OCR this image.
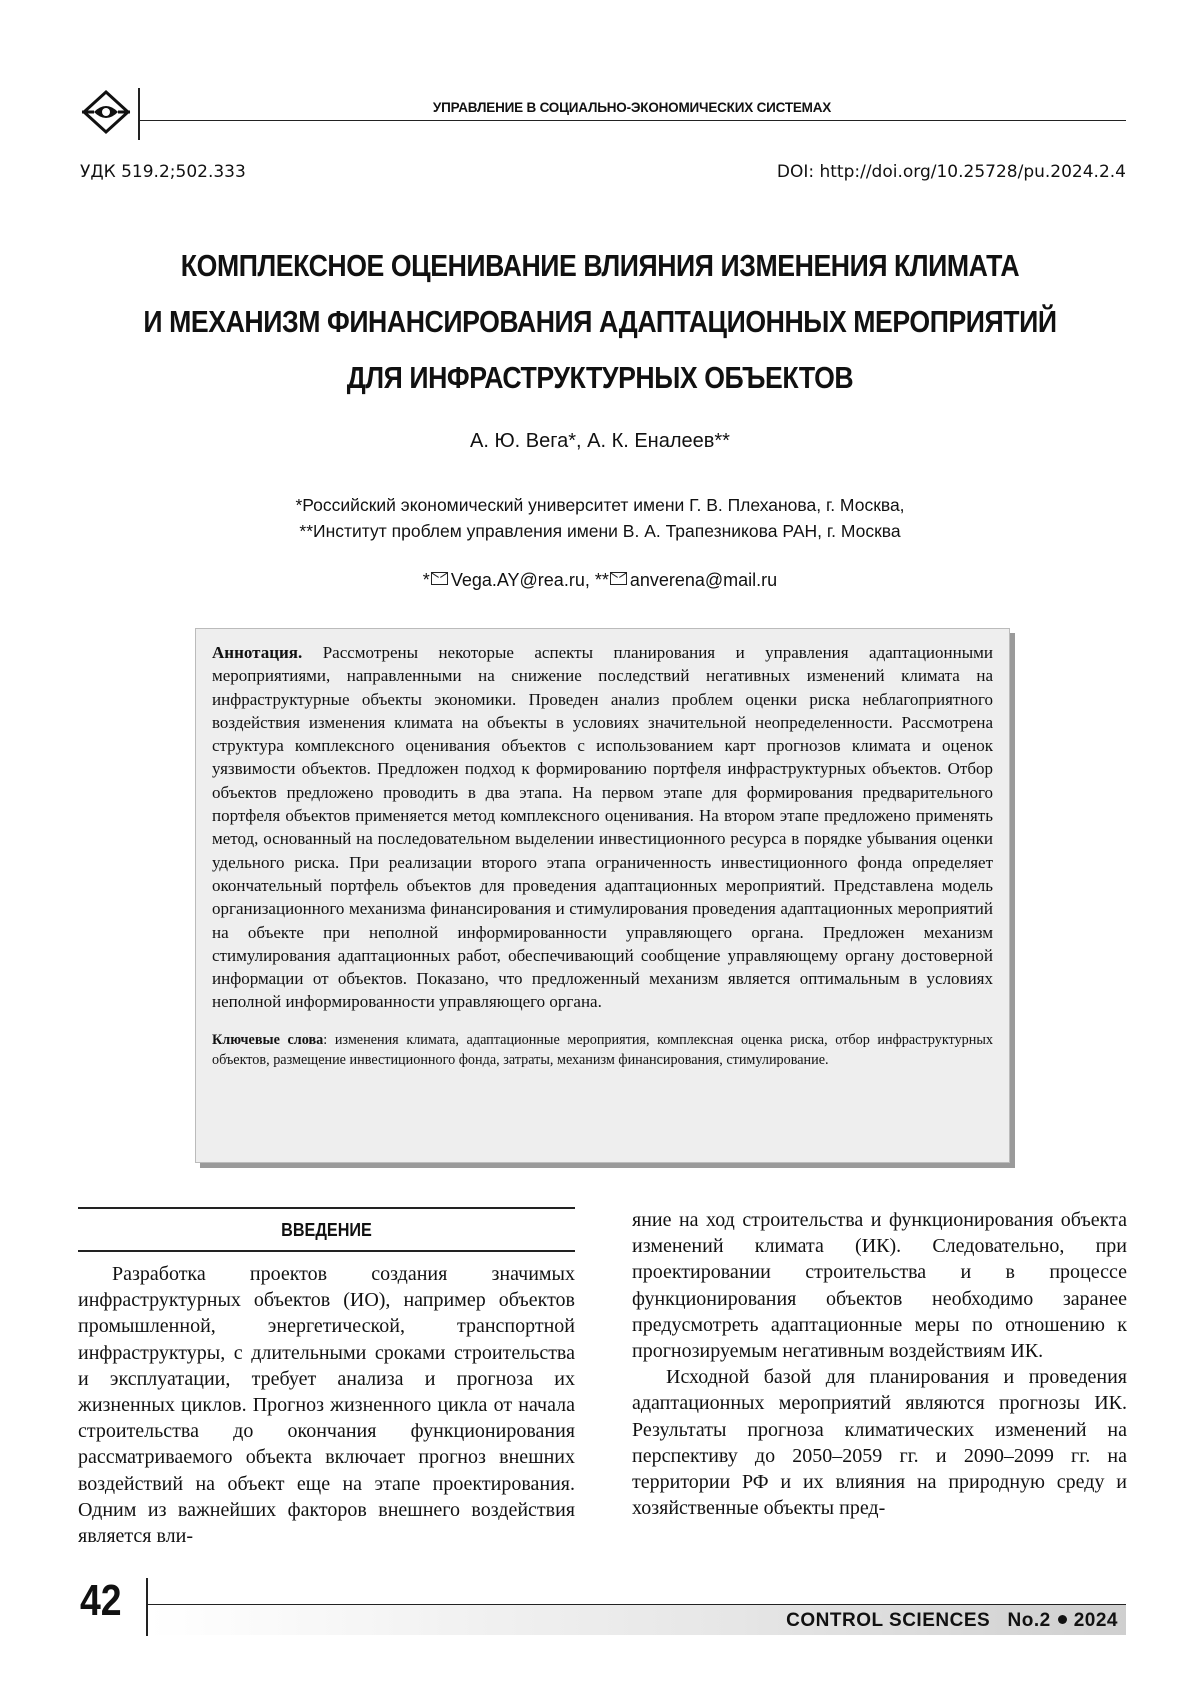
УПРАВЛЕНИЕ В СОЦИАЛЬНО-ЭКОНОМИЧЕСКИХ СИСТЕМАХ
УДК 519.2;502.333	DOI: http://doi.org/10.25728/pu.2024.2.4
КОМПЛЕКСНОЕ ОЦЕНИВАНИЕ ВЛИЯНИЯ ИЗМЕНЕНИЯ КЛИМАТА
И МЕХАНИЗМ ФИНАНСИРОВАНИЯ АДАПТАЦИОННЫХ МЕРОПРИЯТИЙ
ДЛЯ ИНФРАСТРУКТУРНЫХ ОБЪЕКТОВ
А. Ю. Вега*, А. К. Еналеев**
*Российский экономический университет имени Г. В. Плеханова, г. Москва,
**Институт проблем управления имени В. А. Трапезникова РАН, г. Москва
* Vega.AY@rea.ru, ** anverena@mail.ru

Аннотация. Рассмотрены некоторые аспекты планирования и управления адаптационными мероприятиями, направленными на снижение последствий негативных изменений климата на инфраструктурные объекты экономики. Проведен анализ проблем оценки риска неблагоприятного воздействия изменения климата на объекты в условиях значительной неопределенности. Рассмотрена структура комплексного оценивания объектов с использованием карт прогнозов климата и оценок уязвимости объектов. Предложен подход к формированию портфеля инфраструктурных объектов. Отбор объектов предложено проводить в два этапа. На первом этапе для формирования предварительного портфеля объектов применяется метод комплексного оценивания. На втором этапе предложено применять метод, основанный на последовательном выделении инвестиционного ресурса в порядке убывания оценки удельного риска. При реализации второго этапа ограниченность инвестиционного фонда определяет окончательный портфель объектов для проведения адаптационных мероприятий. Представлена модель организационного механизма финансирования и стимулирования проведения адаптационных мероприятий на объекте при неполной информированности управляющего органа. Предложен механизм стимулирования адаптационных работ, обеспечивающий сообщение управляющему органу достоверной информации от объектов. Показано, что предложенный механизм является оптимальным в условиях неполной информированности управляющего органа.

Ключевые слова: изменения климата, адаптационные мероприятия, комплексная оценка риска, отбор инфраструктурных объектов, размещение инвестиционного фонда, затраты, механизм финансирования, стимулирование.

ВВЕДЕНИЕ

Разработка проектов создания значимых инфраструктурных объектов (ИО), например объектов промышленной, энергетической, транспортной инфраструктуры, с длительными сроками строительства и эксплуатации, требует анализа и прогноза их жизненных циклов. Прогноз жизненного цикла от начала строительства до окончания функционирования рассматриваемого объекта включает прогноз внешних воздействий на объект еще на этапе проектирования. Одним из важнейших факторов внешнего воздействия является вли-

яние на ход строительства и функционирования объекта изменений климата (ИК). Следовательно, при проектировании строительства и в процессе функционирования объектов необходимо заранее предусмотреть адаптационные меры по отношению к прогнозируемым негативным воздействиям ИК.

Исходной базой для планирования и проведения адаптационных мероприятий являются прогнозы ИК. Результаты прогноза климатических изменений на перспективу до 2050–2059 гг. и 2090–2099 гг. на территории РФ и их влияния на природную среду и хозяйственные объекты пред-

42	CONTROL SCIENCES No.2 2024
